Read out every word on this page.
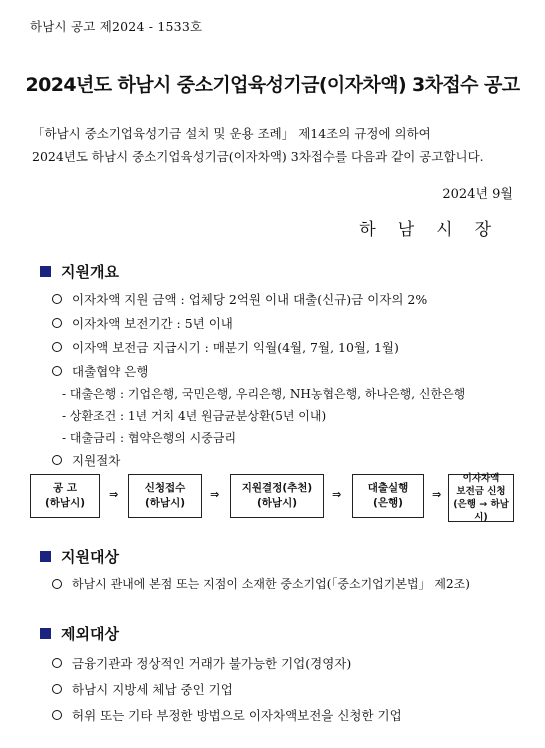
하남시 공고 제2024 - 1533호
2024년도 하남시 중소기업육성기금(이자차액) 3차접수 공고
「하남시 중소기업육성기금 설치 및 운용 조례」 제14조의 규정에 의하여
2024년도 하남시 중소기업육성기금(이자차액) 3차접수를 다음과 같이 공고합니다.
2024년 9월
하남시장
지원개요
이자차액 지원 금액 : 업체당 2억원 이내 대출(신규)금 이자의 2%
이자차액 보전기간 : 5년 이내
이자액 보전금 지급시기 : 매분기 익월(4월, 7월, 10월, 1월)
대출협약 은행
- 대출은행 : 기업은행, 국민은행, 우리은행, NH농협은행, 하나은행, 신한은행
- 상환조건 : 1년 거치 4년 원금균분상환(5년 이내)
- 대출금리 : 협약은행의 시중금리
지원절차
공 고
(하남시)
⇒	신청접수
(하남시)
⇒	지원결정(추천)
(하남시)
⇒	대출실행
(은행)
⇒
이자차액
보전금 신청
(은행 → 하남시)
지원대상
하남시 관내에 본점 또는 지점이 소재한 중소기업(「중소기업기본법」 제2조)
제외대상
금융기관과 정상적인 거래가 불가능한 기업(경영자)
하남시 지방세 체납 중인 기업
허위 또는 기타 부정한 방법으로 이자차액보전을 신청한 기업
